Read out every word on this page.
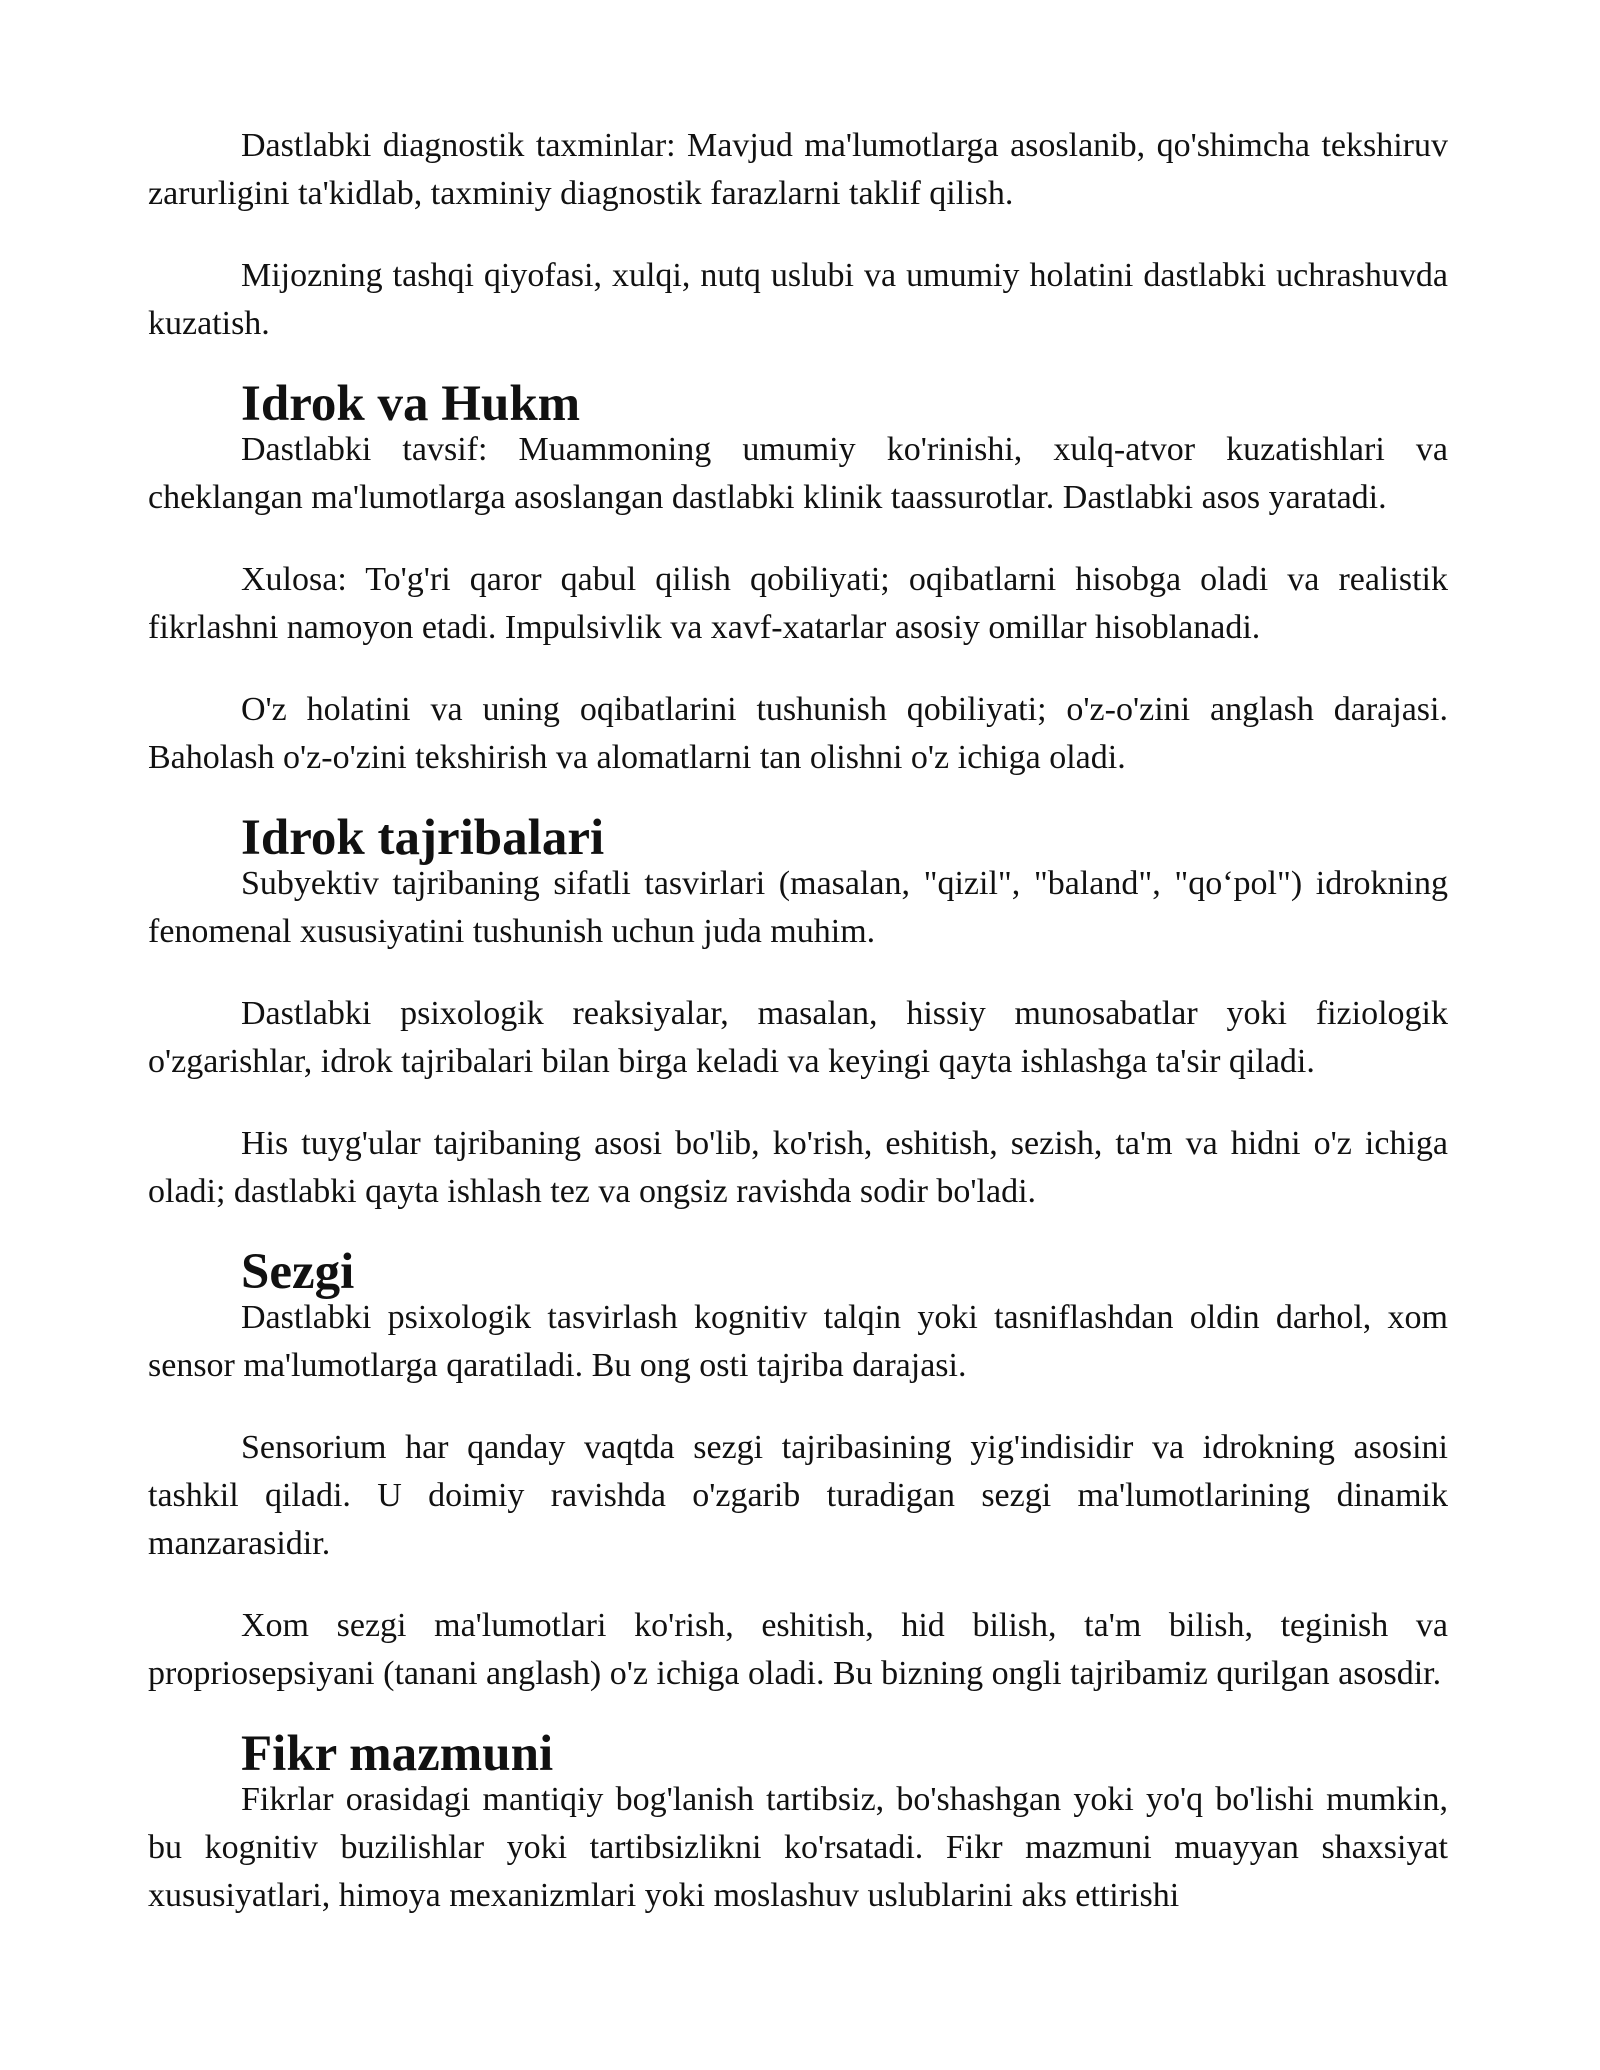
Dastlabki diagnostik taxminlar: Mavjud ma'lumotlarga asoslanib, qo'shimcha tekshiruv zarurligini ta'kidlab, taxminiy diagnostik farazlarni taklif qilish.

Mijozning tashqi qiyofasi, xulqi, nutq uslubi va umumiy holatini dastlabki uchrashuvda kuzatish.

Idrok va Hukm

Dastlabki tavsif: Muammoning umumiy ko'rinishi, xulq-atvor kuzatishlari va cheklangan ma'lumotlarga asoslangan dastlabki klinik taassurotlar. Dastlabki asos yaratadi.

Xulosa: To'g'ri qaror qabul qilish qobiliyati; oqibatlarni hisobga oladi va realistik fikrlashni namoyon etadi. Impulsivlik va xavf-xatarlar asosiy omillar hisoblanadi.

O'z holatini va uning oqibatlarini tushunish qobiliyati; o'z-o'zini anglash darajasi. Baholash o'z-o'zini tekshirish va alomatlarni tan olishni o'z ichiga oladi.

Idrok tajribalari

Subyektiv tajribaning sifatli tasvirlari (masalan, "qizil", "baland", "qo‘pol") idrokning fenomenal xususiyatini tushunish uchun juda muhim.

Dastlabki psixologik reaksiyalar, masalan, hissiy munosabatlar yoki fiziologik o'zgarishlar, idrok tajribalari bilan birga keladi va keyingi qayta ishlashga ta'sir qiladi.

His tuyg'ular tajribaning asosi bo'lib, ko'rish, eshitish, sezish, ta'm va hidni o'z ichiga oladi; dastlabki qayta ishlash tez va ongsiz ravishda sodir bo'ladi.

Sezgi

Dastlabki psixologik tasvirlash kognitiv talqin yoki tasniflashdan oldin darhol, xom sensor ma'lumotlarga qaratiladi. Bu ong osti tajriba darajasi.

Sensorium har qanday vaqtda sezgi tajribasining yig'indisidir va idrokning asosini tashkil qiladi. U doimiy ravishda o'zgarib turadigan sezgi ma'lumotlarining dinamik manzarasidir.

Xom sezgi ma'lumotlari ko'rish, eshitish, hid bilish, ta'm bilish, teginish va propriosepsiyani (tanani anglash) o'z ichiga oladi. Bu bizning ongli tajribamiz qurilgan asosdir.

Fikr mazmuni

Fikrlar orasidagi mantiqiy bog'lanish tartibsiz, bo'shashgan yoki yo'q bo'lishi mumkin, bu kognitiv buzilishlar yoki tartibsizlikni ko'rsatadi. Fikr mazmuni muayyan shaxsiyat xususiyatlari, himoya mexanizmlari yoki moslashuv uslublarini aks ettirishi
